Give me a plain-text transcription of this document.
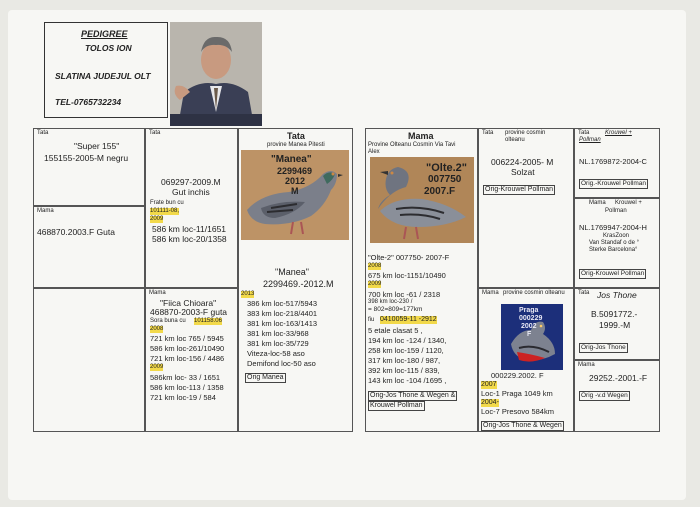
PEDIGREE
TOLOS ION
SLATINA JUDEJUL OLT
TEL-0765732234
Tata
"Super 155"
155155-2005-M negru
Mama
468870.2003.F Guta
Tata
069297-2009.M
Gut inchis
Frate bun cu
101111-08,
2009
586 km loc-11/1651
586 km loc-20/1358
Mama
"Fiica Chioara"
468870-2003-F guta
Sora buna cu 101158.06
2008
721 km loc 765 / 5945
586 km loc-261/10490
721 km loc-156 / 4486
2009
586km loc- 33 / 1651
586 km loc-113 / 1358
721 km loc-19 / 584
Tata
provine Manea Pitesti
"Manea"
2299469
2012
M
"Manea"
2299469.-2012.M
2013
386 km loc-517/5943
383 km loc-218/4401
381 km loc-163/1413
381 km loc-33/968
381 km loc-35/729
Viteza-loc-58 aso
Demifond loc-50 aso
Orig Manea
Mama
Provine Olteanu Cosmin Via Tavi
Alex
"Olte.2"
007750
2007.F
"Olte-2" 007750- 2007-F
2008
675 km loc-1151/10490
2009
700 km loc -61 / 2318
398 km loc-230 /
= 802=809=177km
fiu 0410059-11 -2912
5 etale clasat 5 ,
194 km loc -124 / 1340,
258 km loc-159 / 1120,
317 km loc-180 / 987,
392 km loc-115 / 839,
143 km loc -104 /1695 ,
Orig-Jos Thone & Wegen &
Krouwel Pollman
Tata provine cosmin
olteanu
006224-2005- M
Solzat
Orig-Krouwel Pollman
Mama provine cosmin olteanu
Praga
000229
2002
F
000229.2002. F
2007
Loc-1 Praga 1049 km
2004-
Loc-7 Presovo 584km
Orig-Jos Thone & Wegen
Tata	Krouwel +
Pollman
NL.1769872-2004-C
Orig.-Krouwel Pollman
Mama Krouwel +
Pollman
NL.1769947-2004-H
KrasZoon
Van Standaf o de °
Sterke Barcelona°
Orig-Krouwel Pollman
Tata Jos Thone
B.5091772.-
1999.-M
Orig-Jos Thone
Mama
29252.-2001.-F
Orig -v.d Wegen
